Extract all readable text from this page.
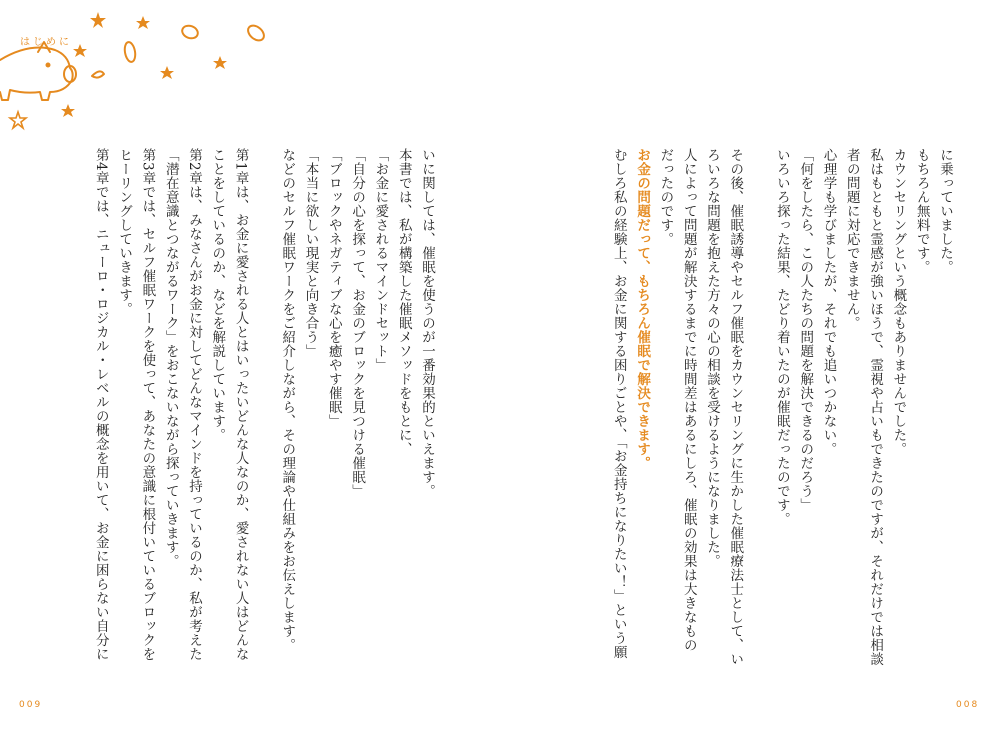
はじめに
に乗っていました。
もちろん無料です。
カウンセリングという概念もありませんでした。
私はもともと霊感が強いほうで、霊視や占いもできたのですが、それだけでは相談
者の問題に対応できません。
心理学も学びましたが、それでも追いつかない。
「何をしたら、この人たちの問題を解決できるのだろう」
いろいろ探った結果、たどり着いたのが催眠だったのです。
その後、催眠誘導やセルフ催眠をカウンセリングに生かした催眠療法士として、い
ろいろな問題を抱えた方々の心の相談を受けるようになりました。
人によって問題が解決するまでに時間差はあるにしろ、催眠の効果は大きなもの
だったのです。
お金の問題だって、もちろん催眠で解決できます。
むしろ私の経験上、お金に関する困りごとや、「お金持ちになりたい！」という願
いに関しては、催眠を使うのが一番効果的といえます。
本書では、私が構築した催眠メソッドをもとに、
「お金に愛されるマインドセット」
「自分の心を探って、お金のブロックを見つける催眠」
「ブロックやネガティブな心を癒やす催眠」
「本当に欲しい現実と向き合う」
などのセルフ催眠ワークをご紹介しながら、その理論や仕組みをお伝えします。
第1章は、お金に愛される人とはいったいどんな人なのか、愛されない人はどんな
ことをしているのか、などを解説しています。
第2章は、みなさんがお金に対してどんなマインドを持っているのか、私が考えた
「潜在意識とつながるワーク」をおこないながら探っていきます。
第3章では、セルフ催眠ワークを使って、あなたの意識に根付いているブロックを
ヒーリングしていきます。
第4章では、ニューロ・ロジカル・レベルの概念を用いて、お金に困らない自分に
009	008
